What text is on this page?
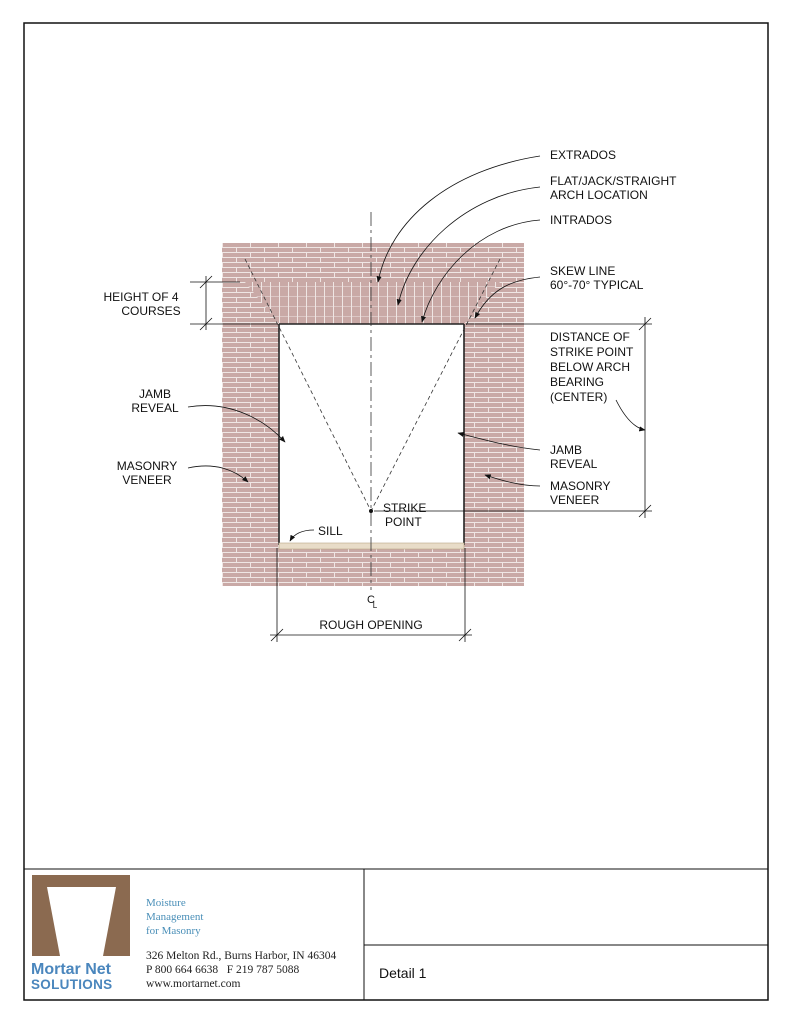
EXTRADOS
FLAT/JACK/STRAIGHT
ARCH LOCATION
INTRADOS
SKEW LINE
60°-70° TYPICAL
HEIGHT OF 4
COURSES
DISTANCE OF
STRIKE POINT
BELOW ARCH
BEARING
(CENTER)
JAMB
REVEAL
MASONRY
VENEER
JAMB
REVEAL
MASONRY
VENEER
STRIKE
POINT
SILL
C
L
ROUGH OPENING
Mortar Net
SOLUTIONS
Moisture
Management
for Masonry
326 Melton Rd., Burns Harbor, IN 46304
P 800 664 6638   F 219 787 5088
www.mortarnet.com
Detail 1
